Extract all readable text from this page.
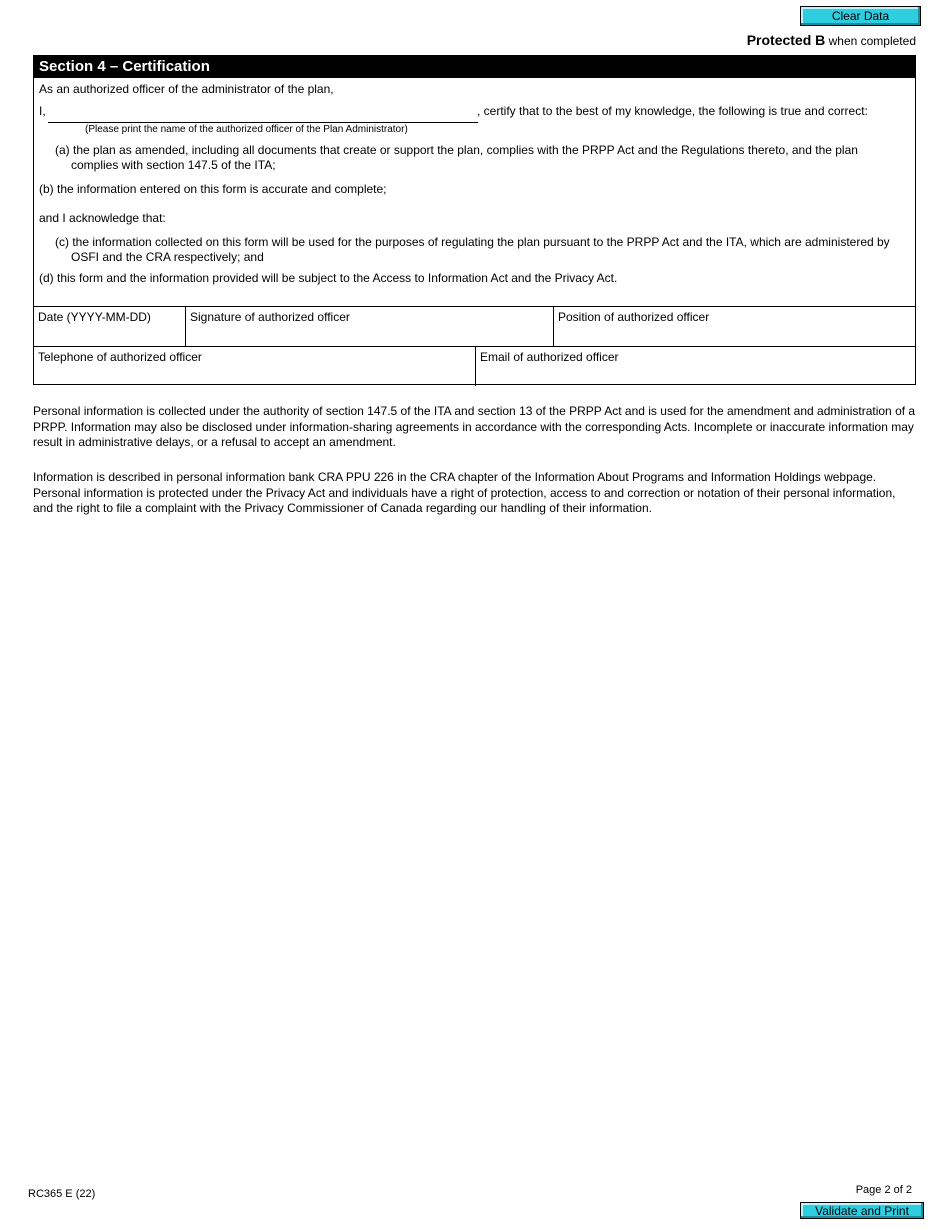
Clear Data
Protected B when completed
Section 4 – Certification
As an authorized officer of the administrator of the plan,
I,	, certify that to the best of my knowledge, the following is true and correct:
(Please print the name of the authorized officer of the Plan Administrator)
(a) the plan as amended, including all documents that create or support the plan, complies with the PRPP Act and the Regulations thereto, and the plan complies with section 147.5 of the ITA;
(b) the information entered on this form is accurate and complete;
and I acknowledge that:
(c) the information collected on this form will be used for the purposes of regulating the plan pursuant to the PRPP Act and the ITA, which are administered by OSFI and the CRA respectively; and
(d) this form and the information provided will be subject to the Access to Information Act and the Privacy Act.
Date (YYYY-MM-DD)	Signature of authorized officer	Position of authorized officer
Telephone of authorized officer	Email of authorized officer
Personal information is collected under the authority of section 147.5 of the ITA and section 13 of the PRPP Act and is used for the amendment and administration of a PRPP. Information may also be disclosed under information-sharing agreements in accordance with the corresponding Acts. Incomplete or inaccurate information may result in administrative delays, or a refusal to accept an amendment.
Information is described in personal information bank CRA PPU 226 in the CRA chapter of the Information About Programs and Information Holdings webpage. Personal information is protected under the Privacy Act and individuals have a right of protection, access to and correction or notation of their personal information, and the right to file a complaint with the Privacy Commissioner of Canada regarding our handling of their information.
RC365 E (22)	Page 2 of 2
Validate and Print
